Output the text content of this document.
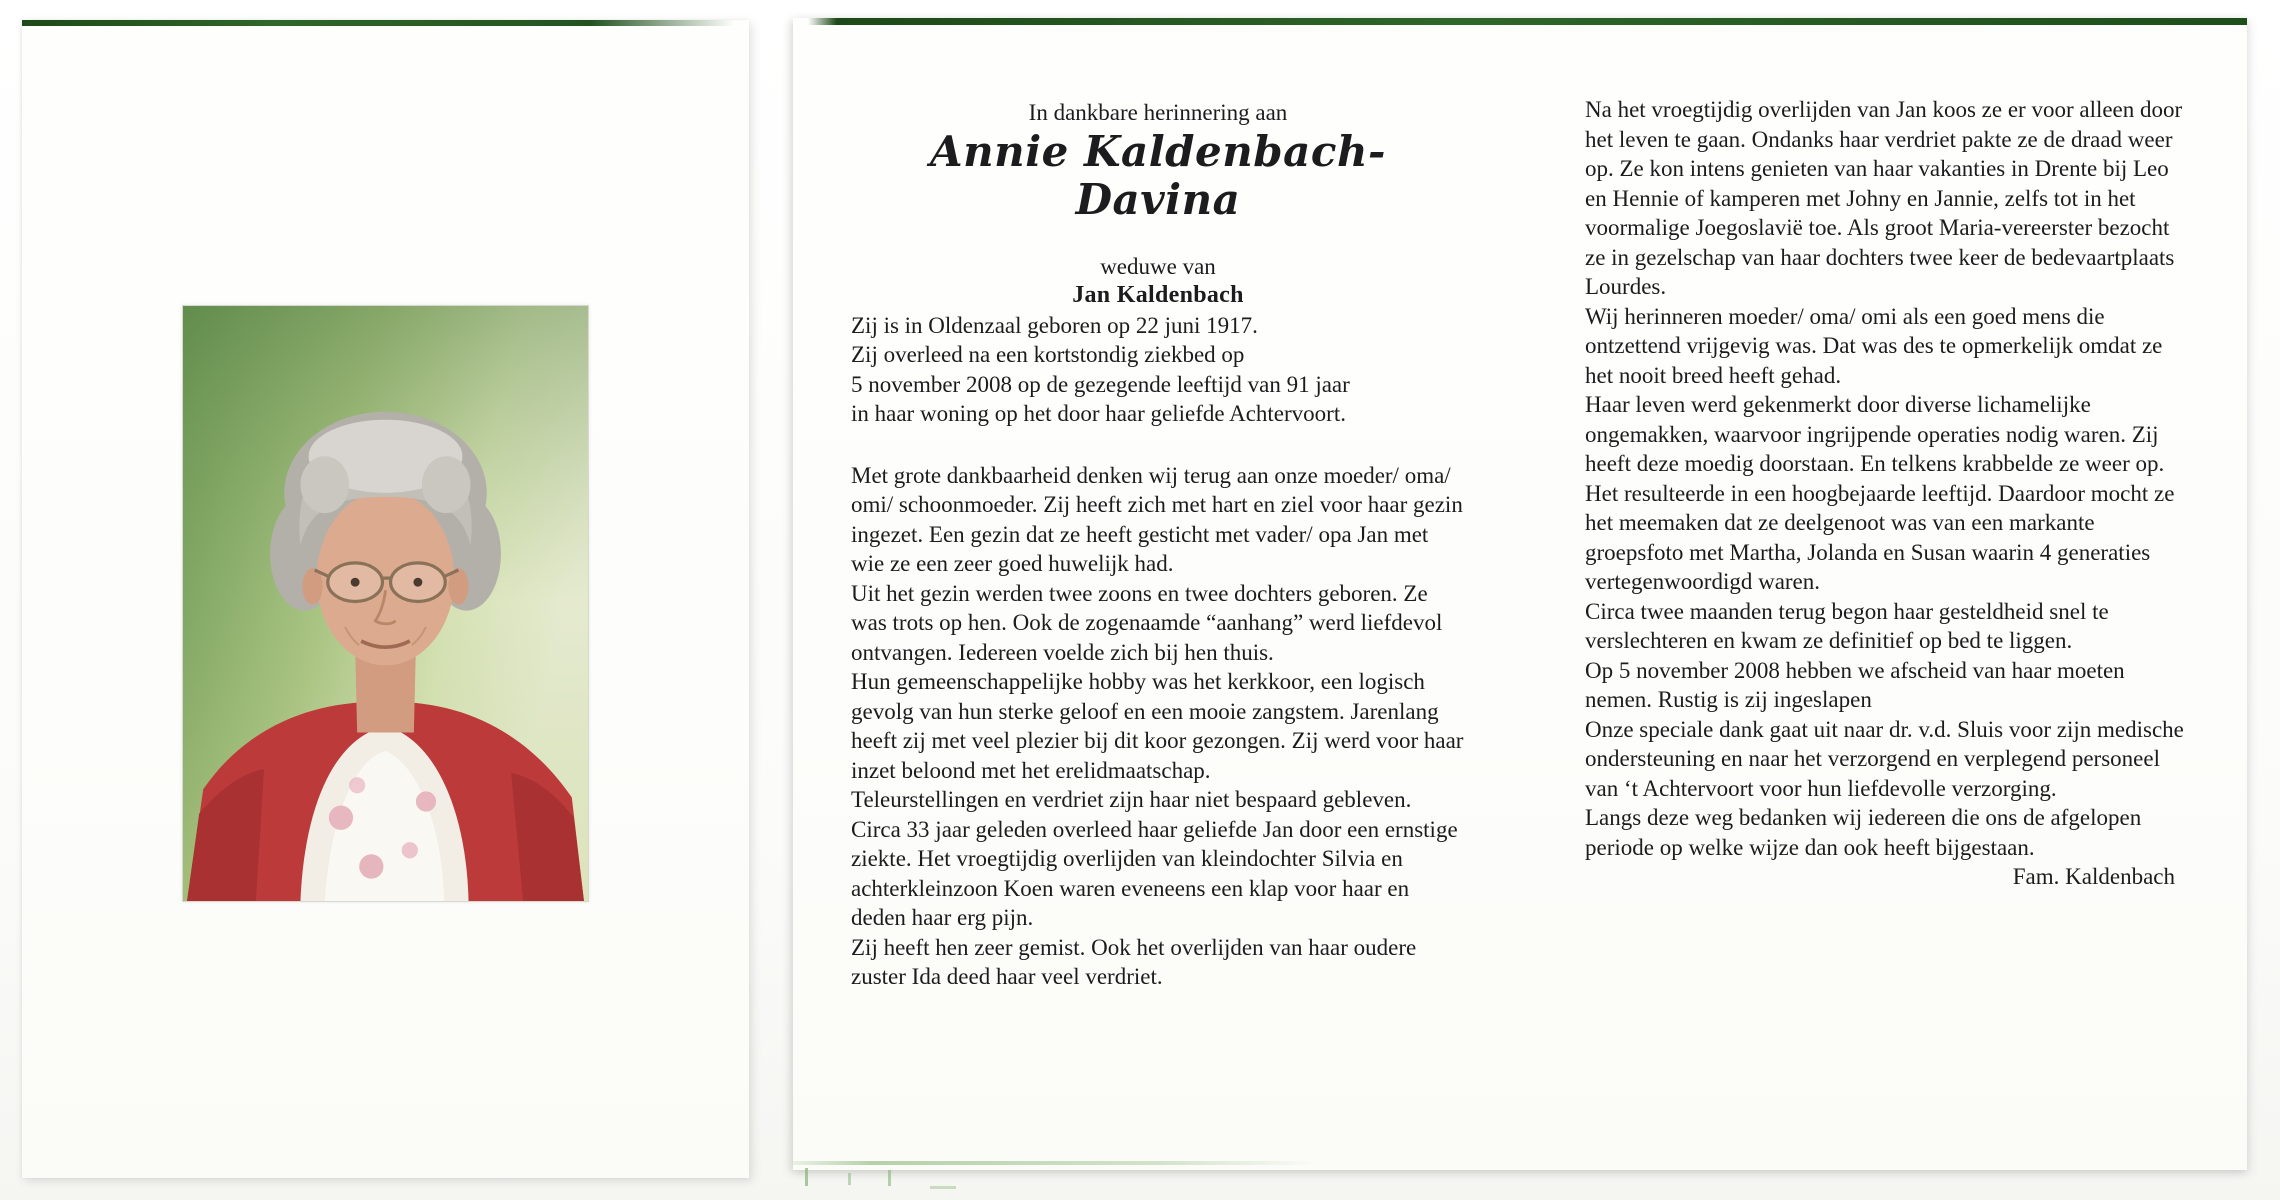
In dankbare herinnering aan

Annie Kaldenbach-Davina

weduwe van

Jan Kaldenbach

Zij is in Oldenzaal geboren op 22 juni 1917.

Zij overleed na een kortstondig ziekbed op

5 november 2008 op de gezegende leeftijd van 91 jaar

in haar woning op het door haar geliefde Achtervoort.

Met grote dankbaarheid denken wij terug aan onze moeder/ oma/ omi/ schoonmoeder. Zij heeft zich met hart en ziel voor haar gezin ingezet. Een gezin dat ze heeft gesticht met vader/ opa Jan met wie ze een zeer goed huwelijk had.

Uit het gezin werden twee zoons en twee dochters geboren. Ze was trots op hen. Ook de zogenaamde “aanhang” werd liefdevol ontvangen. Iedereen voelde zich bij hen thuis.

Hun gemeenschappelijke hobby was het kerkkoor, een logisch gevolg van hun sterke geloof en een mooie zangstem. Jarenlang heeft zij met veel plezier bij dit koor gezongen. Zij werd voor haar inzet beloond met het erelidmaatschap.

Teleurstellingen en verdriet zijn haar niet bespaard gebleven. Circa 33 jaar geleden overleed haar geliefde Jan door een ernstige ziekte. Het vroegtijdig overlijden van kleindochter Silvia en achterkleinzoon Koen waren eveneens een klap voor haar en deden haar erg pijn.

Zij heeft hen zeer gemist. Ook het overlijden van haar oudere zuster Ida deed haar veel verdriet.

Na het vroegtijdig overlijden van Jan koos ze er voor alleen door het leven te gaan. Ondanks haar verdriet pakte ze de draad weer op. Ze kon intens genieten van haar vakanties in Drente bij Leo en Hennie of kamperen met Johny en Jannie, zelfs tot in het voormalige Joegoslavië toe. Als groot Maria-vereerster bezocht ze in gezelschap van haar dochters twee keer de bedevaartplaats Lourdes.

Wij herinneren moeder/ oma/ omi als een goed mens die ontzettend vrijgevig was. Dat was des te opmerkelijk omdat ze het nooit breed heeft gehad.

Haar leven werd gekenmerkt door diverse lichamelijke ongemakken, waarvoor ingrijpende operaties nodig waren. Zij heeft deze moedig doorstaan. En telkens krabbelde ze weer op.

Het resulteerde in een hoogbejaarde leeftijd. Daardoor mocht ze het meemaken dat ze deelgenoot was van een markante groepsfoto met Martha, Jolanda en Susan waarin 4 generaties vertegenwoordigd waren.

Circa twee maanden terug begon haar gesteldheid snel te verslechteren en kwam ze definitief op bed te liggen.

Op 5 november 2008 hebben we afscheid van haar moeten nemen. Rustig is zij ingeslapen

Onze speciale dank gaat uit naar dr. v.d. Sluis voor zijn medische ondersteuning en naar het verzorgend en verplegend personeel van ‘t Achtervoort voor hun liefdevolle verzorging.

Langs deze weg bedanken wij iedereen die ons de afgelopen periode op welke wijze dan ook heeft bijgestaan.

Fam. Kaldenbach
